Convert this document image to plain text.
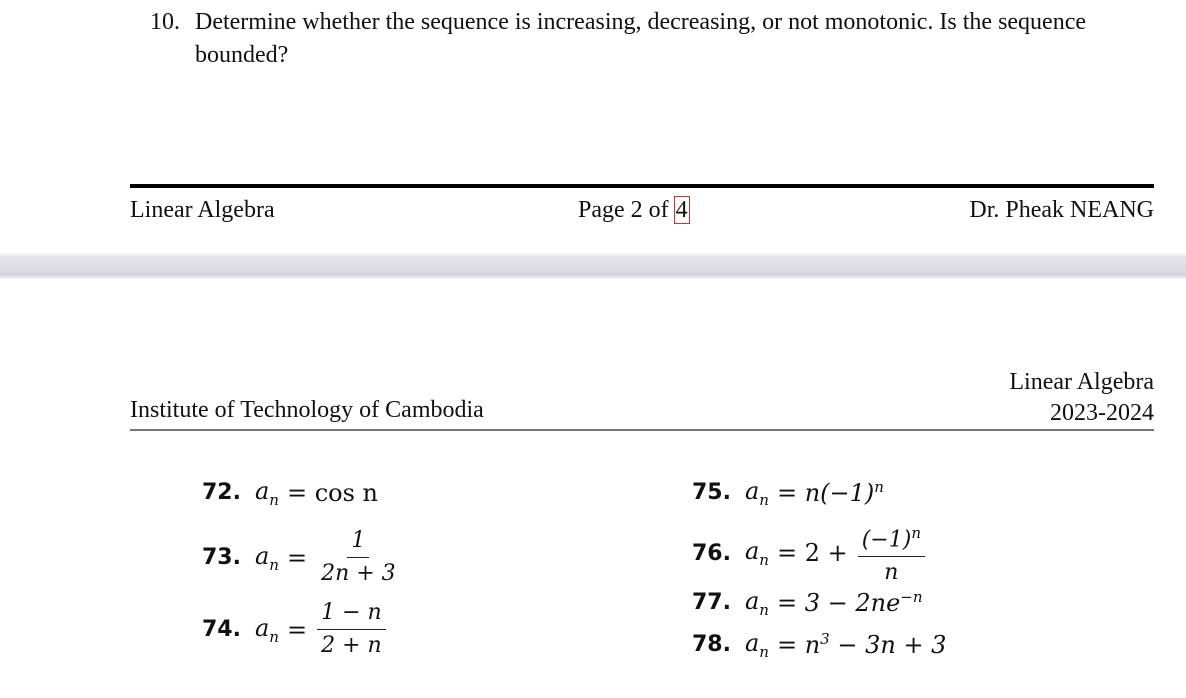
10. Determine whether the sequence is increasing, decreasing, or not monotonic. Is the sequence bounded?
Linear Algebra	Page 2 of 4	Dr. Pheak NEANG
Institute of Technology of Cambodia
Linear Algebra
2023-2024
72. $a_n = \cos n$
73. $a_n = \frac{1}{2n + 3}$
74. $a_n = \frac{1 - n}{2 + n}$
75. $a_n = n(-1)^n$
76. $a_n = 2 + \frac{(-1)^n}{n}$
77. $a_n = 3 - 2ne^{-n}$
78. $a_n = n^3 - 3n + 3$
